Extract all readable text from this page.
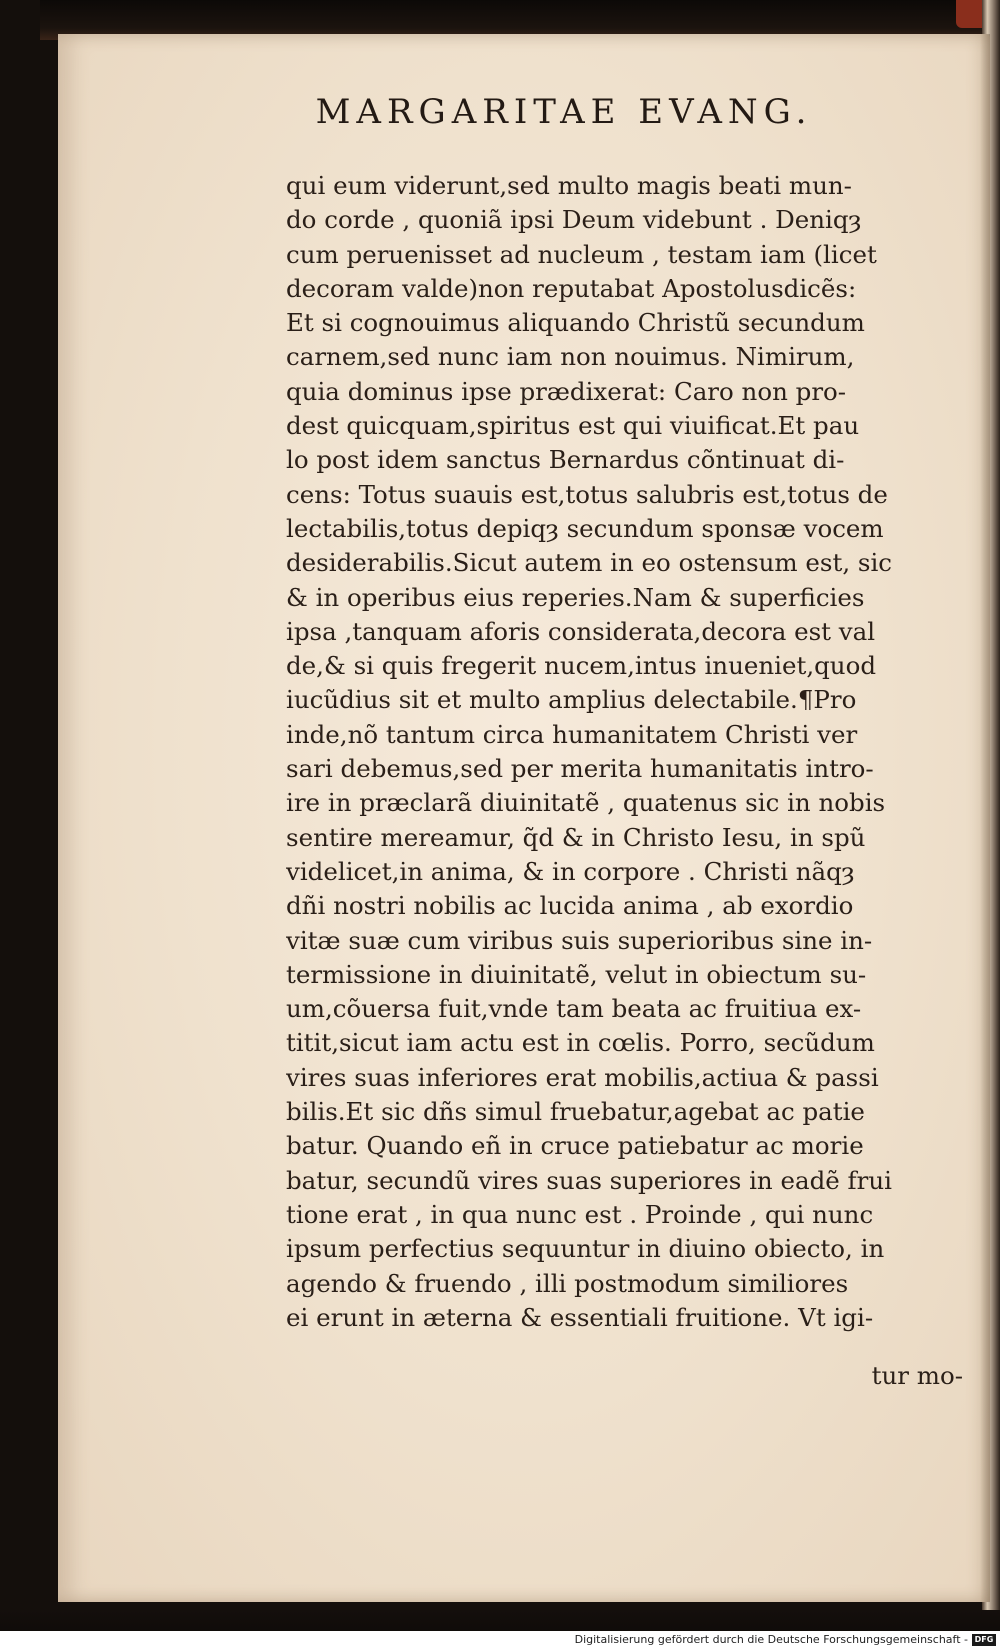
MARGARITAE EVANG.
qui eum viderunt,sed multo magis beati mun-
do corde , quoniã ipsi Deum videbunt . Deniqȝ
cum peruenisset ad nucleum , testam iam (licet
decoram valde)non reputabat Apostolusdicẽs:
Et si cognouimus aliquando Christũ secundum
carnem,sed nunc iam non nouimus. Nimirum,
quia dominus ipse prædixerat: Caro non pro-
dest quicquam,spiritus est qui viuificat.Et pau
lo post idem sanctus Bernardus cõntinuat di-
cens: Totus suauis est,totus salubris est,totus de
lectabilis,totus depiqȝ secundum sponsæ vocem
desiderabilis.Sicut autem in eo ostensum est, sic
& in operibus eius reperies.Nam & superficies
ipsa ,tanquam aforis considerata,decora est val
de,& si quis fregerit nucem,intus inueniet,quod
iucũdius sit et multo amplius delectabile.¶Pro
inde,nõ tantum circa humanitatem Christi ver
sari debemus,sed per merita humanitatis intro-
ire in præclarã diuinitatẽ , quatenus sic in nobis
sentire mereamur, q̃d & in Christo Iesu, in spũ
videlicet,in anima, & in corpore . Christi nãqȝ
dñi nostri nobilis ac lucida anima , ab exordio
vitæ suæ cum viribus suis superioribus sine in-
termissione in diuinitatẽ, velut in obiectum su-
um,cõuersa fuit,vnde tam beata ac fruitiua ex-
titit,sicut iam actu est in cœlis. Porro, secũdum
vires suas inferiores erat mobilis,actiua & passi
bilis.Et sic dñs simul fruebatur,agebat ac patie
batur. Quando eñ in cruce patiebatur ac morie
batur, secundũ vires suas superiores in eadẽ frui
tione erat , in qua nunc est . Proinde , qui nunc
ipsum perfectius sequuntur in diuino obiecto, in
agendo & fruendo , illi postmodum similiores
ei erunt in æterna & essentiali fruitione. Vt igi-
tur mo-
Digitalisierung gefördert durch die Deutsche Forschungsgemeinschaft - DFG
